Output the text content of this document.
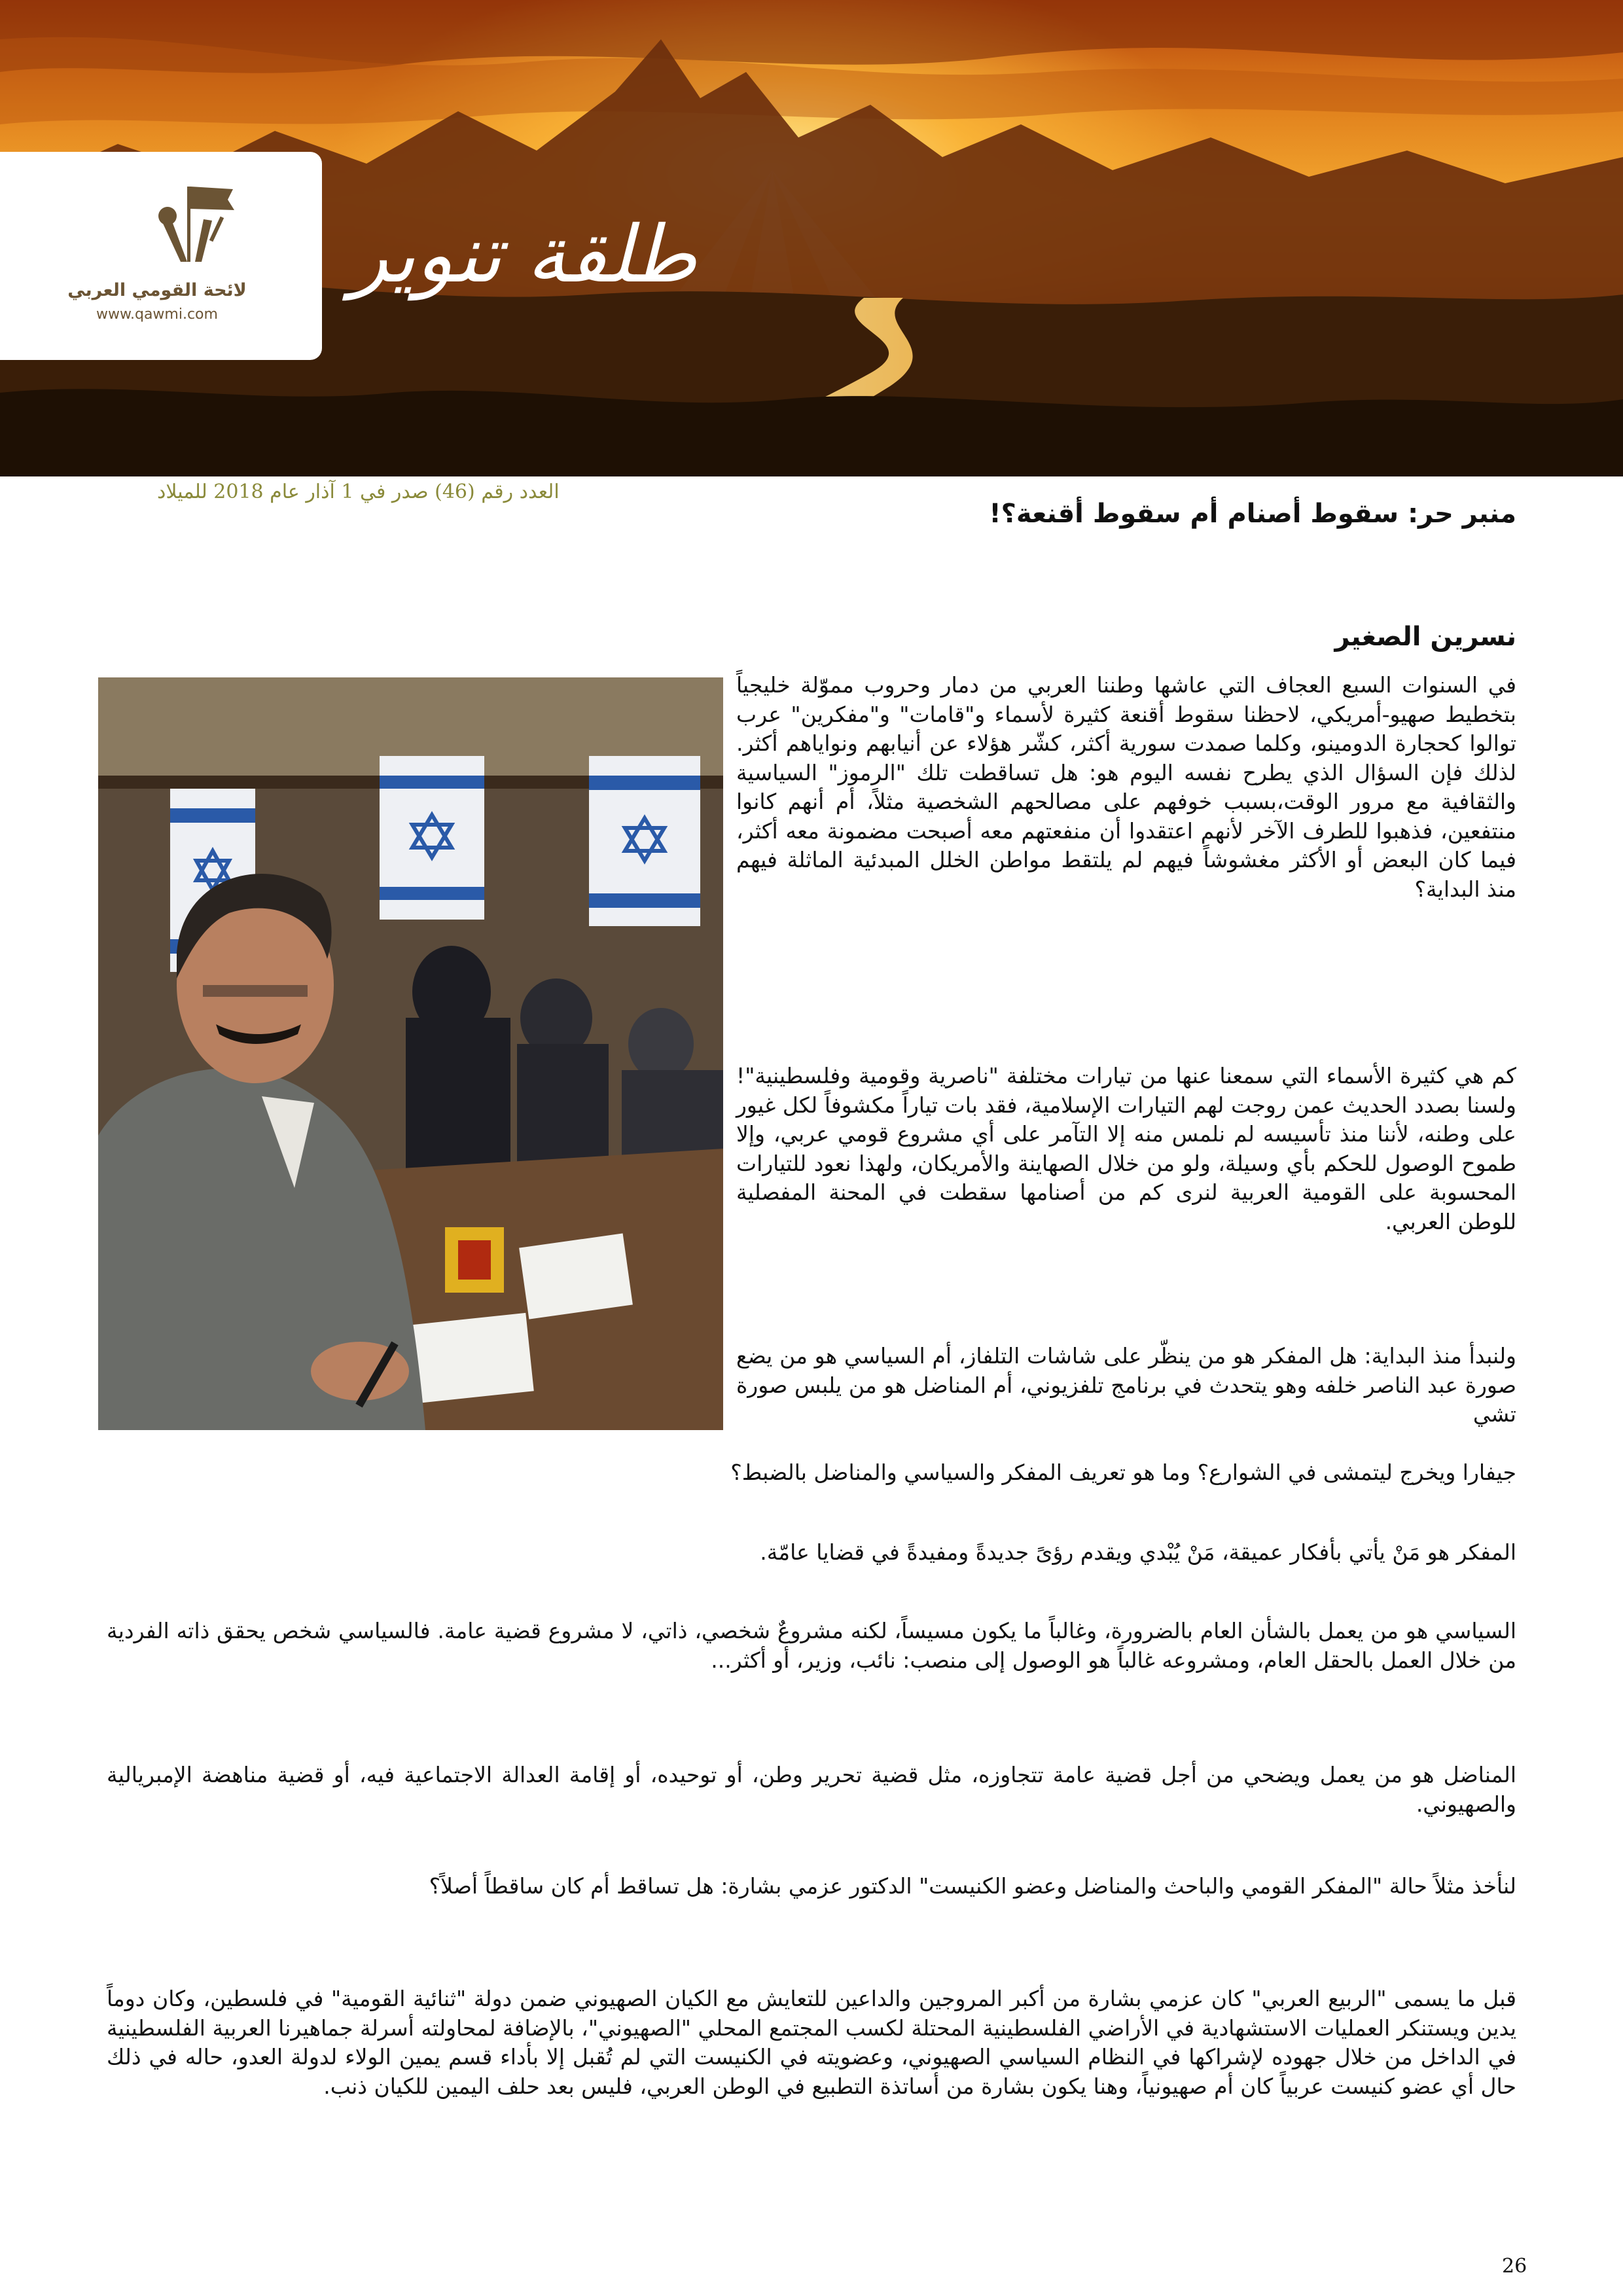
لائحة القومي العربي
www.qawmi.com
طلقة تنوير
العدد رقم (46) صدر في 1 آذار عام 2018 للميلاد
منبر حر: سقوط أصنام أم سقوط أقنعة؟!
نسرين الصغير

في السنوات السبع العجاف التي عاشها وطننا العربي من دمار وحروب مموّلة خليجياً بتخطيط صهيو-أمريكي، لاحظنا سقوط أقنعة كثيرة لأسماء و"قامات" و"مفكرين" عرب توالوا كحجارة الدومينو، وكلما صمدت سورية أكثر، كشّر هؤلاء عن أنيابهم ونواياهم أكثر. لذلك فإن السؤال الذي يطرح نفسه اليوم هو: هل تساقطت تلك "الرموز" السياسية والثقافية مع مرور الوقت،بسبب خوفهم على مصالحهم الشخصية مثلاً، أم أنهم كانوا منتفعين، فذهبوا للطرف الآخر لأنهم اعتقدوا أن منفعتهم معه أصبحت مضمونة معه أكثر، فيما كان البعض أو الأكثر مغشوشاً فيهم لم يلتقط مواطن الخلل المبدئية الماثلة فيهم منذ البداية؟

كم هي كثيرة الأسماء التي سمعنا عنها من تيارات مختلفة "ناصرية وقومية وفلسطينية"! ولسنا بصدد الحديث عمن روجت لهم التيارات الإسلامية، فقد بات تياراً مكشوفاً لكل غيور على وطنه، لأننا منذ تأسيسه لم نلمس منه إلا التآمر على أي مشروع قومي عربي، وإلا طموح الوصول للحكم بأي وسيلة، ولو من خلال الصهاينة والأمريكان، ولهذا نعود للتيارات المحسوبة على القومية العربية لنرى كم من أصنامها سقطت في المحنة المفصلية للوطن العربي.

ولنبدأ منذ البداية: هل المفكر هو من ينظّر على شاشات التلفاز، أم السياسي هو من يضع صورة عبد الناصر خلفه وهو يتحدث في برنامج تلفزيوني، أم المناضل هو من يلبس صورة تشي

جيفارا ويخرج ليتمشى في الشوارع؟ وما هو تعريف المفكر والسياسي والمناضل بالضبط؟

المفكر هو مَنْ يأتي بأفكار عميقة، مَنْ يُبْدي ويقدم رؤىً جديدةً ومفيدةً في قضايا عامّة.

السياسي هو من يعمل بالشأن العام بالضرورة، وغالباً ما يكون مسيساً، لكنه مشروعٌ شخصي، ذاتي، لا مشروع قضية عامة. فالسياسي شخص يحقق ذاته الفردية من خلال العمل بالحقل العام، ومشروعه غالباً هو الوصول إلى منصب: نائب، وزير، أو أكثر...

المناضل هو من يعمل ويضحي من أجل قضية عامة تتجاوزه، مثل قضية تحرير وطن، أو توحيده، أو إقامة العدالة الاجتماعية فيه، أو قضية مناهضة الإمبريالية والصهيوني.

لنأخذ مثلاً حالة "المفكر القومي والباحث والمناضل وعضو الكنيست" الدكتور عزمي بشارة: هل تساقط أم كان ساقطاً أصلاً؟

قبل ما يسمى "الربيع العربي" كان عزمي بشارة من أكبر المروجين والداعين للتعايش مع الكيان الصهيوني ضمن دولة "ثنائية القومية" في فلسطين، وكان دوماً يدين ويستنكر العمليات الاستشهادية في الأراضي الفلسطينية المحتلة لكسب المجتمع المحلي "الصهيوني"، بالإضافة لمحاولته أسرلة جماهيرنا العربية الفلسطينية في الداخل من خلال جهوده لإشراكها في النظام السياسي الصهيوني، وعضويته في الكنيست التي لم تُقبل إلا بأداء قسم يمين الولاء لدولة العدو، حاله في ذلك حال أي عضو كنيست عربياً كان أم صهيونياً، وهنا يكون بشارة من أساتذة التطبيع في الوطن العربي، فليس بعد حلف اليمين للكيان ذنب.

26
